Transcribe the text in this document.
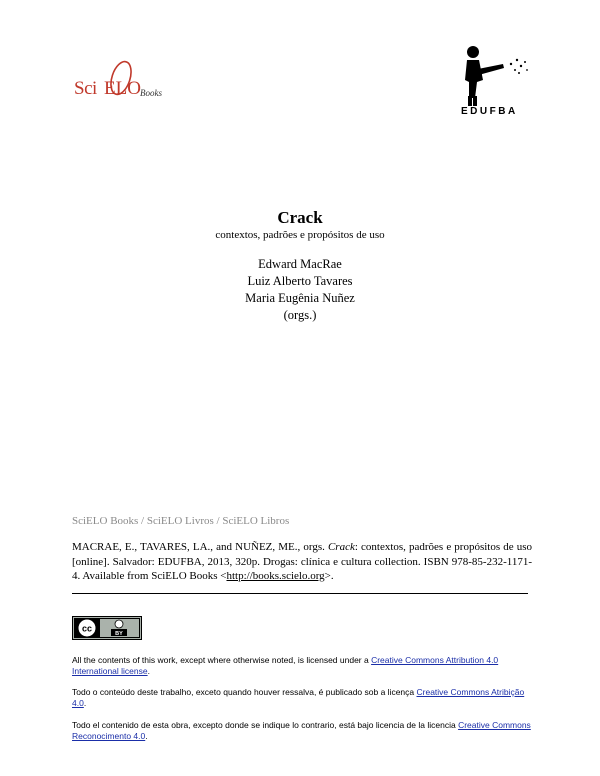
Sci ELO Books
EDUFBA
Crack
contextos, padrões e propósitos de uso
Edward MacRae
Luiz Alberto Tavares
Maria Eugênia Nuñez
(orgs.)
SciELO Books / SciELO Livros / SciELO Libros
MACRAE, E., TAVARES, LA., and NUÑEZ, ME., orgs. Crack: contextos, padrões e propósitos de uso [online]. Salvador: EDUFBA, 2013, 320p. Drogas: clínica e cultura collection. ISBN 978-85-232-1171-4. Available from SciELO Books <http://books.scielo.org>.
cc
BY
All the contents of this work, except where otherwise noted, is licensed under a Creative Commons Attribution 4.0 International license.
Todo o conteúdo deste trabalho, exceto quando houver ressalva, é publicado sob a licença Creative Commons Atribição 4.0.
Todo el contenido de esta obra, excepto donde se indique lo contrario, está bajo licencia de la licencia Creative Commons Reconocimento 4.0.
